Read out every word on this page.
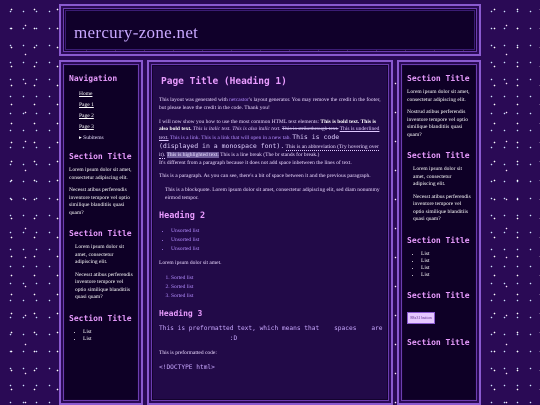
mercury-zone.net
Navigation
Home
Page 1
Page 2
Page 3
▸ Subitems
Section Title

Lorem ipsum dolor sit amet, consectetur adipiscing elit.

Necesst atibus perferendis inventore tempore vel optio similique blanditiis quasi quam?

Section Title

Lorem ipsum dolor sit amet, consectetur adipiscing elit.

Necesst atibus perferendis inventore tempore vel optio similique blanditiis quasi quam?

Section Title
• List
• List
Page Title (Heading 1)

This layout was generated with netcastor's layout generator. You may remove the credit in the footer, but please leave the credit in the code. Thank you!

I will now show you how to use the most common HTML text elements: This is bold text. This is also bold text. This is italic text. This is also italic text. This is strikethrough text. This is underlined text. This is a link. This is a link that will open in a new tab. This is code (displayed in a monospace font). This is an abbreviation (Try hovering over it). This is highlighted text. This is a line break (The br stands for break.)
It's different from a paragraph because it does not add space inbetween the lines of text.

This is a paragraph. As you can see, there's a bit of space between it and the previous paragraph.

This is a blockquote. Lorem ipsum dolor sit amet, consectetur adipiscing elit, sed diam nonummy eirmod tempor.
Heading 2
• Unsorted list
• Unsorted list
• Unsorted list

Lorem ipsum dolor sit amet.

1. Sorted list
2. Sorted list
3. Sorted list
Heading 3
This is preformatted text, which means that    spaces    are
:D

This is preformatted code:

<!DOCTYPE html>
Section Title

Lorem ipsum dolor sit amet, consectetur adipiscing elit.

Nostrud atibus perferendis inventore tempore vel optio similique blanditiis quasi quam?

Section Title

Lorem ipsum dolor sit amet, consectetur adipiscing elit.

Necesst atibus perferendis inventore tempore vel optio similique blanditiis quasi quam?

Section Title
• List
• List
• List
• List
Section Title
88x31 button
Section Title
